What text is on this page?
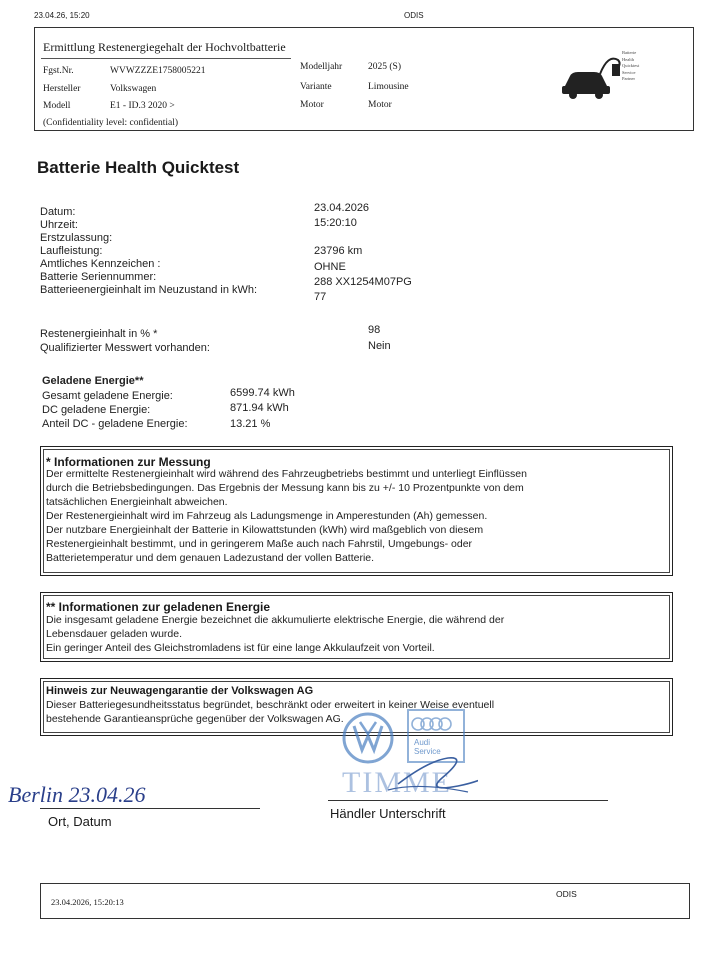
23.04.26, 15:20	ODIS
Ermittlung Restenergiegehalt der Hochvoltbatterie
Fgst.Nr.	WVWZZZE1758005221	Modelljahr	2025 (S)
Hersteller	Volkswagen	Variante	Limousine
Modell	E1 - ID.3 2020 >	Motor	Motor
(Confidentiality level: confidential)
Batterie
Health
Quicktest
Service
Partner
Batterie Health Quicktest
Datum:	23.04.2026
Uhrzeit:	15:20:10
Erstzulassung:
Laufleistung:	23796 km
Amtliches Kennzeichen :	OHNE
Batterie Seriennummer:	288 XX1254M07PG
Batterieenergieinhalt im Neuzustand in kWh:
77
Restenergieinhalt in % *	98
Qualifizierter Messwert vorhanden:	Nein
Geladene Energie**
Gesamt geladene Energie:	6599.74 kWh
DC geladene Energie:	871.94 kWh
Anteil DC - geladene Energie:	13.21 %
* Informationen zur Messung
Der ermittelte Restenergieinhalt wird während des Fahrzeugbetriebs bestimmt und unterliegt Einflüssen
durch die Betriebsbedingungen. Das Ergebnis der Messung kann bis zu +/- 10 Prozentpunkte von dem
tatsächlichen Energieinhalt abweichen.
Der Restenergieinhalt wird im Fahrzeug als Ladungsmenge in Amperestunden (Ah) gemessen.
Der nutzbare Energieinhalt der Batterie in Kilowattstunden (kWh) wird maßgeblich von diesem
Restenergieinhalt bestimmt, und in geringerem Maße auch nach Fahrstil, Umgebungs- oder
Batterietemperatur und dem genauen Ladezustand der vollen Batterie.
** Informationen zur geladenen Energie
Die insgesamt geladene Energie bezeichnet die akkumulierte elektrische Energie, die während der
Lebensdauer geladen wurde.
Ein geringer Anteil des Gleichstromladens ist für eine lange Akkulaufzeit von Vorteil.
Hinweis zur Neuwagengarantie der Volkswagen AG
Dieser Batteriegesundheitsstatus begründet, beschränkt oder erweitert in keiner Weise eventuell
bestehende Garantieansprüche gegenüber der Volkswagen AG.
Audi
Service
TIMME
Berlin 23.04.26
Ort, Datum
Händler Unterschrift
23.04.2026, 15:20:13
ODIS
